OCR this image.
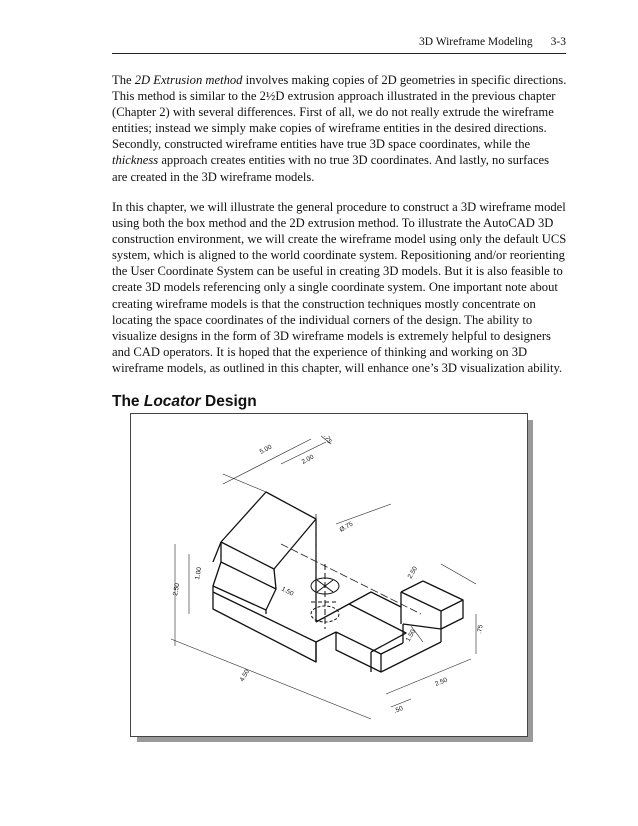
3D Wireframe Modeling 3-3

The 2D Extrusion method involves making copies of 2D geometries in specific directions. This method is similar to the 2½D extrusion approach illustrated in the previous chapter (Chapter 2) with several differences. First of all, we do not really extrude the wireframe entities; instead we simply make copies of wireframe entities in the desired directions. Secondly, constructed wireframe entities have true 3D space coordinates, while the thickness approach creates entities with no true 3D coordinates. And lastly, no surfaces are created in the 3D wireframe models.

In this chapter, we will illustrate the general procedure to construct a 3D wireframe model using both the box method and the 2D extrusion method. To illustrate the AutoCAD 3D construction environment, we will create the wireframe model using only the default UCS system, which is aligned to the world coordinate system. Repositioning and/or reorienting the User Coordinate System can be useful in creating 3D models. But it is also feasible to create 3D models referencing only a single coordinate system. One important note about creating wireframe models is that the construction techniques mostly concentrate on locating the space coordinates of the individual corners of the design. The ability to visualize designs in the form of 3D wireframe models is extremely helpful to designers and CAD operators. It is hoped that the experience of thinking and working on 3D wireframe models, as outlined in this chapter, will enhance one’s 3D visualization ability.

The Locator Design
5.00
2.00
.75
2.50
1.00
1.50
Ø.75
2.50
1.50	.75
4.50	2.50
.50
